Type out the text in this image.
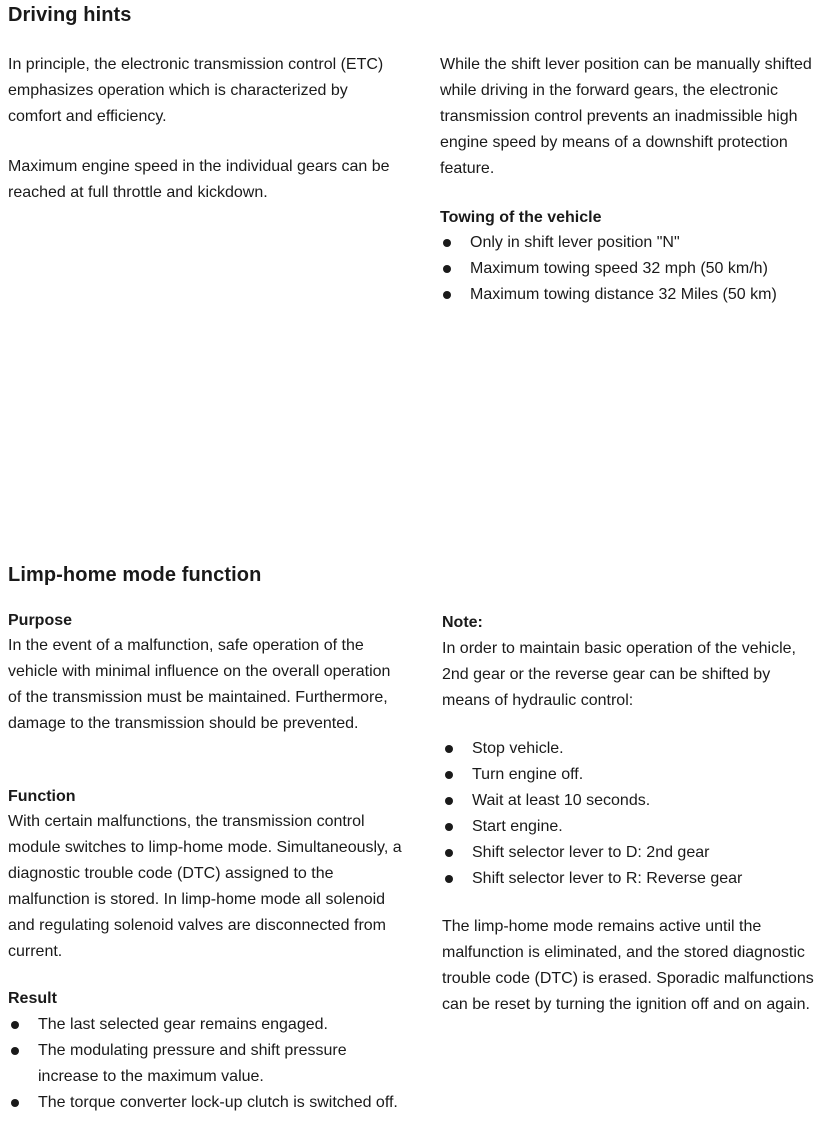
Driving hints

In principle, the electronic transmission control (ETC) emphasizes operation which is characterized by comfort and efficiency.

Maximum engine speed in the individual gears can be reached at full throttle and kickdown.

While the shift lever position can be manually shifted while driving in the forward gears, the electronic transmission control prevents an inadmissible high engine speed by means of a downshift protection feature.

Towing of the vehicle
Only in shift lever position "N"
Maximum towing speed 32 mph (50 km/h)
Maximum towing distance 32 Miles (50 km)
Limp-home mode function
Purpose

In the event of a malfunction, safe operation of the vehicle with minimal influence on the overall operation of the transmission must be maintained. Furthermore, damage to the transmission should be prevented.

Function

With certain malfunctions, the transmission control module switches to limp-home mode. Simultaneously, a diagnostic trouble code (DTC) assigned to the malfunction is stored. In limp-home mode all solenoid and regulating solenoid valves are disconnected from current.

Result
The last selected gear remains engaged.
The modulating pressure and shift pressure increase to the maximum value.
The torque converter lock-up clutch is switched off.
Note:

In order to maintain basic operation of the vehicle, 2nd gear or the reverse gear can be shifted by means of hydraulic control:

Stop vehicle.
Turn engine off.
Wait at least 10 seconds.
Start engine.
Shift selector lever to D: 2nd gear
Shift selector lever to R: Reverse gear

The limp-home mode remains active until the malfunction is eliminated, and the stored diagnostic trouble code (DTC) is erased. Sporadic malfunctions can be reset by turning the ignition off and on again.
